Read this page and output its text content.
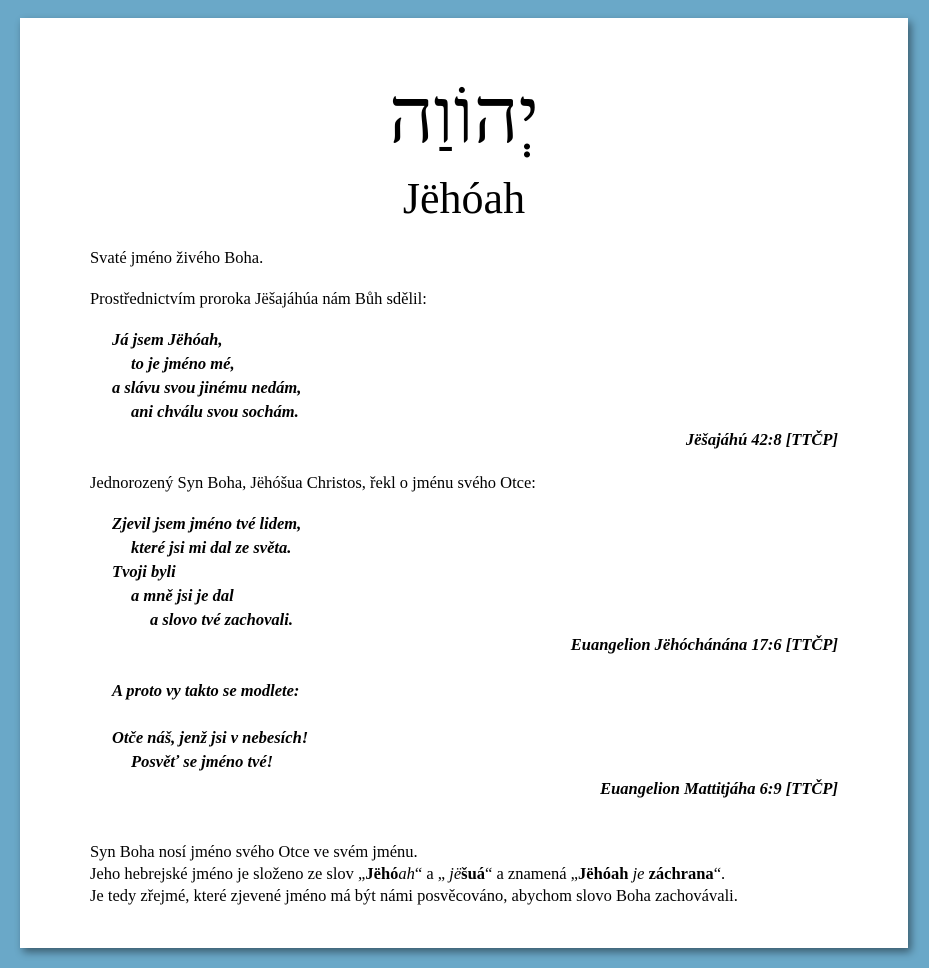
יְהוֹוַה
Jëhóah
Svaté jméno živého Boha.
Prostřednictvím proroka Jëšajáhúa nám Bůh sdělil:
Já jsem Jëhóah,
to je jméno mé,
a slávu svou jinému nedám,
ani chválu svou sochám.
Jëšajáhú 42:8 [TTČP]
Jednorozený Syn Boha, Jëhóšua Christos, řekl o jménu svého Otce:
Zjevil jsem jméno tvé lidem,
které jsi mi dal ze světa.
Tvoji byli
a mně jsi je dal
a slovo tvé zachovali.
Euangelion Jëhóchánána 17:6 [TTČP]
A proto vy takto se modlete:
Otče náš, jenž jsi v nebesích!
Posvěť se jméno tvé!
Euangelion Mattitjáha 6:9 [TTČP]
Syn Boha nosí jméno svého Otce ve svém jménu.
Jeho hebrejské jméno je složeno ze slov „Jëhóah“ a „ jëšuá“ a znamená „Jëhóah je záchrana“.
Je tedy zřejmé, které zjevené jméno má být námi posvěcováno, abychom slovo Boha zachovávali.
